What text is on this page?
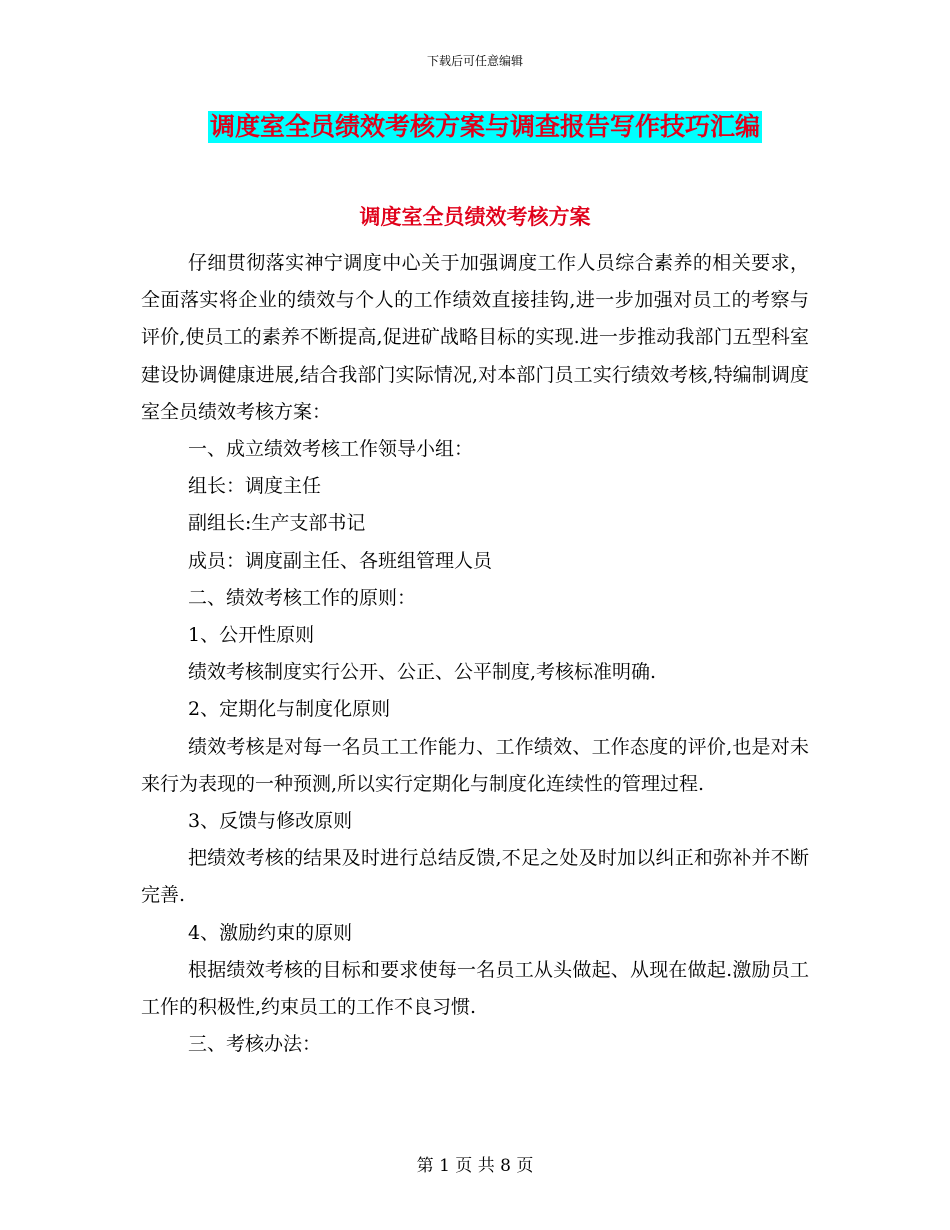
下载后可任意编辑
调度室全员绩效考核方案与调查报告写作技巧汇编
调度室全员绩效考核方案

仔细贯彻落实神宁调度中心关于加强调度工作人员综合素养的相关要求，全面落实将企业的绩效与个人的工作绩效直接挂钩,进一步加强对员工的考察与评价,使员工的素养不断提高,促进矿战略目标的实现.进一步推动我部门五型科室建设协调健康进展,结合我部门实际情况,对本部门员工实行绩效考核,特编制调度室全员绩效考核方案：

一、成立绩效考核工作领导小组：

组长：调度主任

副组长:生产支部书记

成员：调度副主任、各班组管理人员

二、绩效考核工作的原则：

1、公开性原则

绩效考核制度实行公开、公正、公平制度,考核标准明确.

2、定期化与制度化原则

绩效考核是对每一名员工工作能力、工作绩效、工作态度的评价,也是对未来行为表现的一种预测,所以实行定期化与制度化连续性的管理过程.

3、反馈与修改原则

把绩效考核的结果及时进行总结反馈,不足之处及时加以纠正和弥补并不断完善.

4、激励约束的原则

根据绩效考核的目标和要求使每一名员工从头做起、从现在做起.激励员工工作的积极性,约束员工的工作不良习惯.

三、考核办法：

第 1 页 共 8 页
